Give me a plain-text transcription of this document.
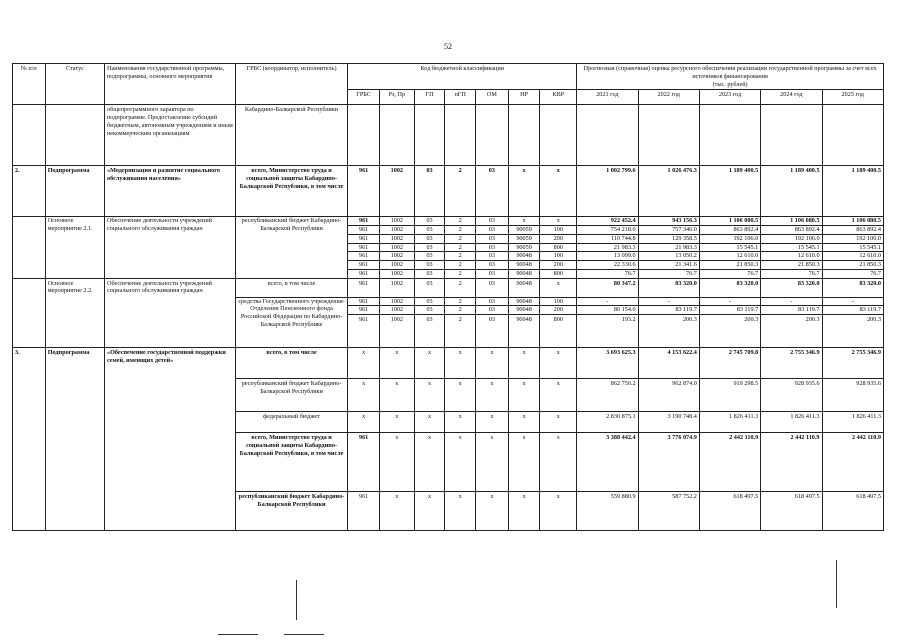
52
№ п/п	Статус	Наименования государственной программы, подпрограммы, основного мероприятия	ГРБС (координатор, исполнитель)	Код бюджетной классификации							Прогнозная (справочная) оценка ресурсного обеспечения реализации государственной программы за счет всех источников финансирования
(тыс. рублей)				
				ГРБС	Рз, Пр	ГП	пГП	ОМ	НР	КВР	2021 год	2022 год	2023 год	2024 год	2025 год
		общепрограммного характера по подпрограмме. Предоставление субсидий бюджетным, автономным учреждениям и иным некоммерческим организациям	Кабардино-Балкарской Республики												
2.	Подпрограмма	«Модернизация и развитие социального обслуживания населения»	всего, Министерство труда и социальной защиты Кабардино-Балкарской Республики, в том числе	961	1002	03	2	03	х	х	1 002 799.6	1 026 476.3	1 189 400.5	1 189 400.5	1 189 400.5
	Основное мероприятие 2.1.	Обеспечение деятельности учреждений социального обслуживания граждан	республиканский бюджет Кабардино-Балкарской Республики	961	1002	03	2	03	х	х	922 452.4	943 156.3	1 106 080.5	1 106 080.5	1 106 080.5
				961	1002	03	2	03	90059	100	754 218.0	757 346.0	863 892.4	863 892.4	863 892.4
				961	1002	03	2	03	90059	200	110 744.8	129 358.5	192 106.0	192 106.0	192 106.0
				961	1002	03	2	03	90059	800	21 983.3	21 983.3	15 545.1	15 545.1	15 545.1
				961	1002	03	2	03	90048	100	13 099.0	13 050.2	12 610.0	12 610.0	12 610.0
				961	1002	03	2	03	90048	200	22 330.6	21 341.6	21 850.3	21 850.3	21 850.3
				961	1002	03	2	03	90048	800	76.7	76.7	76.7	76.7	76.7
	Основное мероприятие 2.2.	Обеспечение деятельности учреждений социального обслуживания граждан	всего, в том числе	961	1002	03	2	03	90048	х	80 347.2	83 320.0	83 320.0	83 320.0	83 320.0
			средства Государственного учреждения-Отделения Пенсионного фонда Российской Федерации по Кабардино-Балкарской Республике	961	1002	03	2	03	90048	100	-	-	-	-	-
				961	1002	03	2	03	90048	200	80 154.0	83 119.7	83 119.7	83 119.7	83 119.7
				961	1002	03	2	03	90048	800	193.2	200.3	200.3	200.3	200.3
3.	Подпрограмма	«Обеспечение государственной поддержки семей, имеющих детей»	всего, в том числе	х	х	х	х	х	х	х	3 693 625.3	4 153 622.4	2 745 709.8	2 755 346.9	2 755 346.9
			республиканский бюджет Кабардино-Балкарской Республики	х	х	х	х	х	х	х	862 750.2	962 874.0	919 298.5	928 935.6	928 935.6
			федеральный бюджет	х	х	х	х	х	х	х	2 830 875.1	3 190 748.4	1 826 411.3	1 826 411.3	1 826 411.3
			всего, Министерство труда и социальной защиты Кабардино-Балкарской Республики, в том числе	961	х	х	х	х	х	х	3 388 442.4	3 776 074.9	2 442 110.9	2 442 110.9	2 442 110.9
			республиканский бюджет Кабардино-Балкарской Республики	961	х	х	х	х	х	х	559 880.9	587 752.2	618 497.5	618 497.5	618 497.5
